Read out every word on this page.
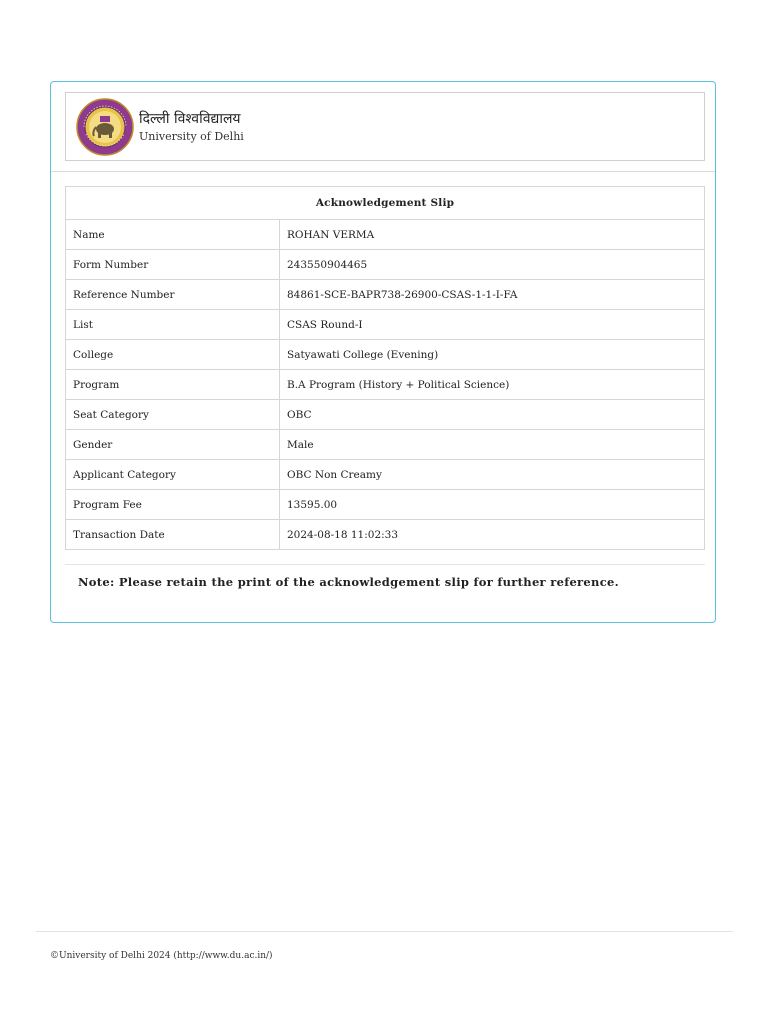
दिल्ली विश्वविद्यालय
University of Delhi
Acknowledgement Slip	
Name	ROHAN VERMA
Form Number	243550904465
Reference Number	84861-SCE-BAPR738-26900-CSAS-1-1-I-FA
List	CSAS Round-I
College	Satyawati College (Evening)
Program	B.A Program (History + Political Science)
Seat Category	OBC
Gender	Male
Applicant Category	OBC Non Creamy
Program Fee	13595.00
Transaction Date	2024-08-18 11:02:33
Note: Please retain the print of the acknowledgement slip for further reference.
©University of Delhi 2024 (http://www.du.ac.in/)
